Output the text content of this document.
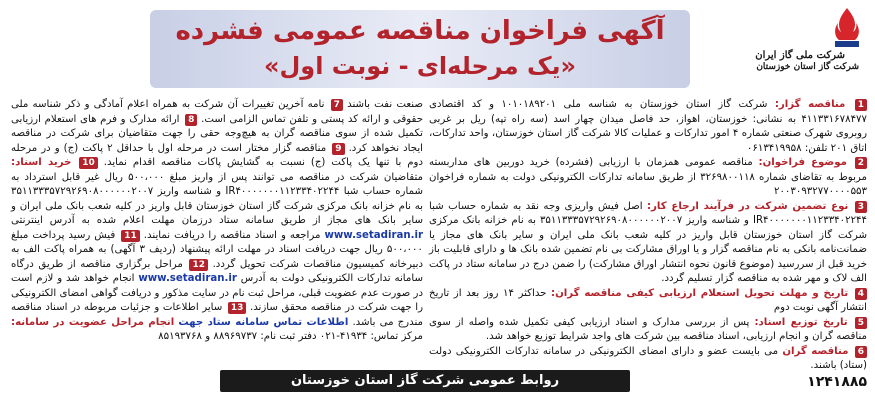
شرکت ملی گاز ایران
شرکت گاز استان خوزستان
آگهی فراخوان مناقصه عمومی فشرده
«یک مرحله‌ای - نوبت اول»

1 مناقصه گزار: شرکت گاز استان خوزستان به شناسه ملی ۱۰۱۰۱۸۹۲۰۱ و کد اقتصادی ۴۱۱۳۳۱۶۷۸۴۷۷ به نشانی: خوزستان، اهواز، حد فاصل میدان چهار اسد (سه راه تپه) ریل بر غربی روبروی شهرک صنعتی شماره ۴ امور تدارکات و عملیات کالا شرکت گاز استان خوزستان، واحد تدارکات، اتاق ۲۰۱ تلفن: ۰۶۱۳۴۱۹۹۵۸

2 موضوع فراخوان: مناقصه عمومی همزمان با ارزیابی (فشرده) خرید دوربین های مداربسته مربوط به تقاضای شماره ۳۲۶۹۸۰۰۱۱۸ از طریق سامانه تدارکات الکترونیکی دولت به شماره فراخوان ۲۰۰۳۰۹۳۲۷۷۰۰۰۰۵۵۳

3 نوع تضمین شرکت در فرآیند ارجاع کار: اصل فیش واریزی وجه نقد به شماره حساب شبا IR۴۰۰۰۰۰۰۰۱۱۲۳۳۴۰۲۲۴۴ و شناسه واریز ۳۵۱۱۳۳۳۵۷۲۹۲۶۹۰۸۰۰۰۰۰۰۲۰۰۷ به نام خزانه بانک مرکزی شرکت گاز استان خوزستان قابل واریز در کلیه شعب بانک ملی ایران و سایر بانک های مجاز یا ضمانت‌نامه بانکی به نام مناقصه گزار و یا اوراق مشارکت بی نام تضمین شده بانک ها و دارای قابلیت باز خرید قبل از سررسید (موضوع قانون نحوه انتشار اوراق مشارکت) را ضمن درج در سامانه ستاد در پاکت الف لاک و مهر شده به مناقصه گزار تسلیم گردد.

4 تاریخ و مهلت تحویل استعلام ارزیابی کیفی مناقصه گران: حداکثر ۱۴ روز بعد از تاریخ انتشار آگهی نوبت دوم

5 تاریخ توزیع اسناد: پس از بررسی مدارک و اسناد ارزیابی کیفی تکمیل شده واصله از سوی مناقصه گران و انجام ارزیابی، اسناد مناقصه بین شرکت های واجد شرایط توزیع خواهد شد.

6 مناقصه گران می بایست عضو و دارای امضای الکترونیکی در سامانه تدارکات الکترونیکی دولت (ستاد) باشند.

صنعت نفت باشند 7 نامه آخرین تغییرات آن شرکت به همراه اعلام آمادگی و ذکر شناسه ملی حقوقی و ارائه کد پستی و تلفن تماس الزامی است. 8 ارائه مدارک و فرم های استعلام ارزیابی تکمیل شده از سوی مناقصه گران به هیچ‌وجه حقی را جهت متقاضیان برای شرکت در مناقصه ایجاد نخواهد کرد. 9 مناقصه گزار مختار است در مرحله اول با حداقل ۲ پاکت (ج) و در مرحله دوم با تنها یک پاکت (ج) نسبت به گشایش پاکات مناقصه اقدام نماید. 10 خرید اسناد: متقاضیان شرکت در مناقصه می توانند پس از واریز مبلغ ۵۰۰،۰۰۰ ریال غیر قابل استرداد به شماره حساب شبا IR۴۰۰۰۰۰۰۰۱۱۲۳۳۴۰۲۲۴۴ و شناسه واریز ۳۵۱۱۳۳۳۵۷۲۹۲۶۹۰۸۰۰۰۰۰۰۲۰۰۷ به نام خزانه بانک مرکزی شرکت گاز استان خوزستان قابل واریز در کلیه شعب بانک ملی ایران و سایر بانک های مجاز از طریق سامانه ستاد درزمان مهلت اعلام شده به آدرس اینترنتی www.setadiran.ir مراجعه و اسناد مناقصه را دریافت نمایند. 11 فیش رسید پرداخت مبلغ ۵۰۰،۰۰۰ ریال جهت دریافت اسناد در مهلت ارائه پیشنهاد (ردیف ۳ آگهی) به همراه پاکت الف به دبیرخانه کمیسیون مناقصات شرکت تحویل گردد. 12 مراحل برگزاری مناقصه از طریق درگاه سامانه تدارکات الکترونیکی دولت به آدرس www.setadiran.ir انجام خواهد شد و لازم است در صورت عدم عضویت قبلی، مراحل ثبت نام در سایت مذکور و دریافت گواهی امضای الکترونیکی را جهت شرکت در مناقصه محقق سازند. 13 سایر اطلاعات و جزئیات مربوطه در اسناد مناقصه مندرج می باشد. اطلاعات تماس سامانه ستاد جهت انجام مراحل عضویت در سامانه: مرکز تماس: ۴۱۹۳۴-۰۲۱ دفتر ثبت نام: ۸۸۹۶۹۷۳۷ و ۸۵۱۹۳۷۶۸

روابط عمومی شرکت گاز استان خوزستان	۱۲۴۱۸۸۵
